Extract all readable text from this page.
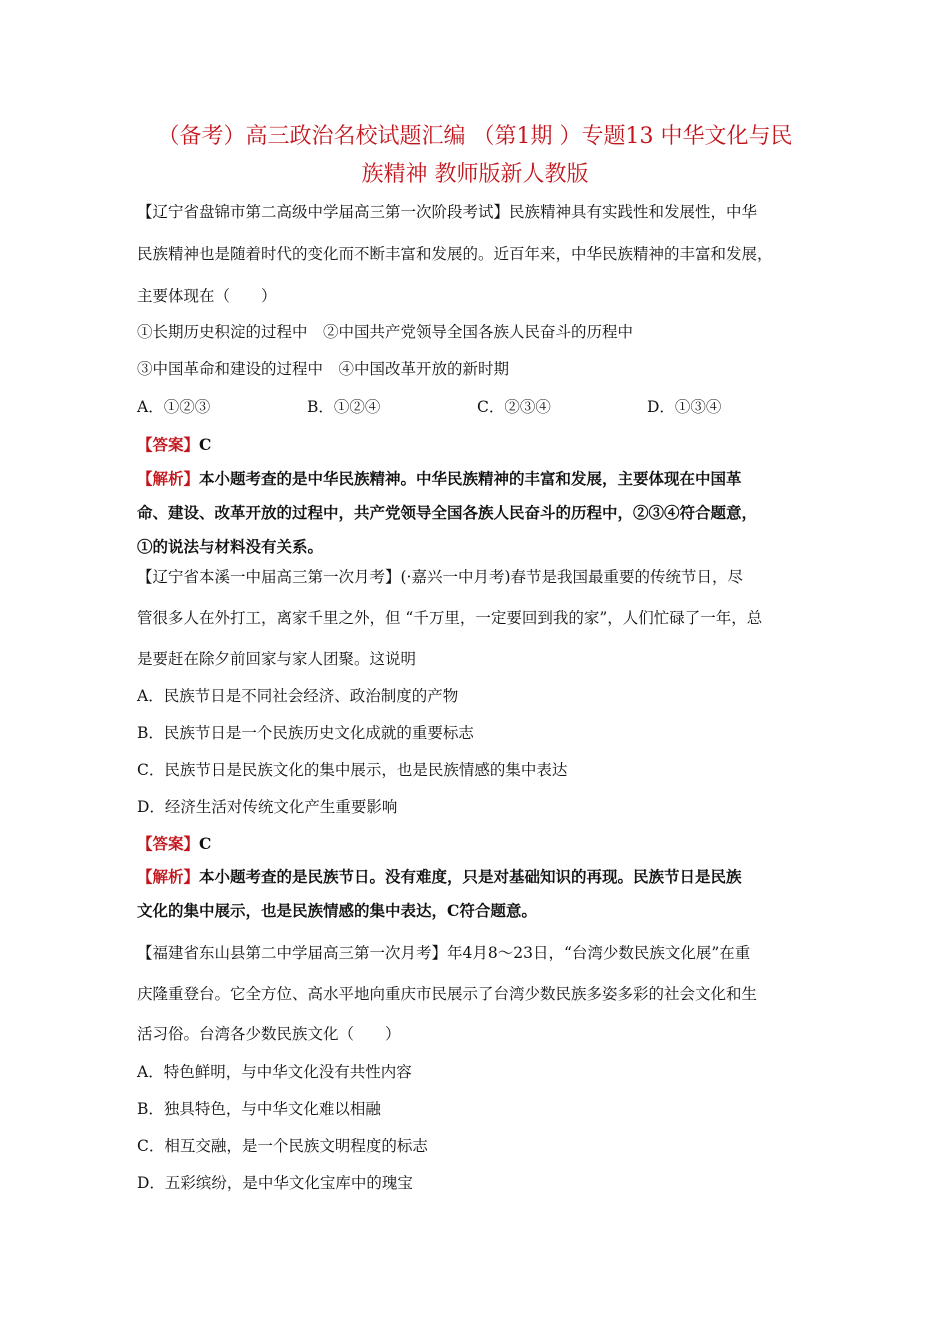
（备考）高三政治名校试题汇编 （第1期 ）专题13 中华文化与民
族精神 教师版新人教版
【辽宁省盘锦市第二高级中学届高三第一次阶段考试】民族精神具有实践性和发展性，中华
民族精神也是随着时代的变化而不断丰富和发展的。近百年来，中华民族精神的丰富和发展，
主要体现在（　　）
①长期历史积淀的过程中　②中国共产党领导全国各族人民奋斗的历程中
③中国革命和建设的过程中　④中国改革开放的新时期
A．①②③	B．①②④	C．②③④	D．①③④
【答案】C
【解析】本小题考查的是中华民族精神。中华民族精神的丰富和发展，主要体现在中国革
命、建设、改革开放的过程中，共产党领导全国各族人民奋斗的历程中，②③④符合题意，
①的说法与材料没有关系。
【辽宁省本溪一中届高三第一次月考】(·嘉兴一中月考)春节是我国最重要的传统节日，尽
管很多人在外打工，离家千里之外，但 “千万里，一定要回到我的家”，人们忙碌了一年，总
是要赶在除夕前回家与家人团聚。这说明
A．民族节日是不同社会经济、政治制度的产物
B．民族节日是一个民族历史文化成就的重要标志
C．民族节日是民族文化的集中展示，也是民族情感的集中表达
D．经济生活对传统文化产生重要影响
【答案】C
【解析】本小题考查的是民族节日。没有难度，只是对基础知识的再现。民族节日是民族
文化的集中展示，也是民族情感的集中表达，C符合题意。
【福建省东山县第二中学届高三第一次月考】年4月8～23日，“台湾少数民族文化展”在重
庆隆重登台。它全方位、高水平地向重庆市民展示了台湾少数民族多姿多彩的社会文化和生
活习俗。台湾各少数民族文化（　　）
A．特色鲜明，与中华文化没有共性内容
B．独具特色，与中华文化难以相融
C．相互交融，是一个民族文明程度的标志
D．五彩缤纷，是中华文化宝库中的瑰宝
